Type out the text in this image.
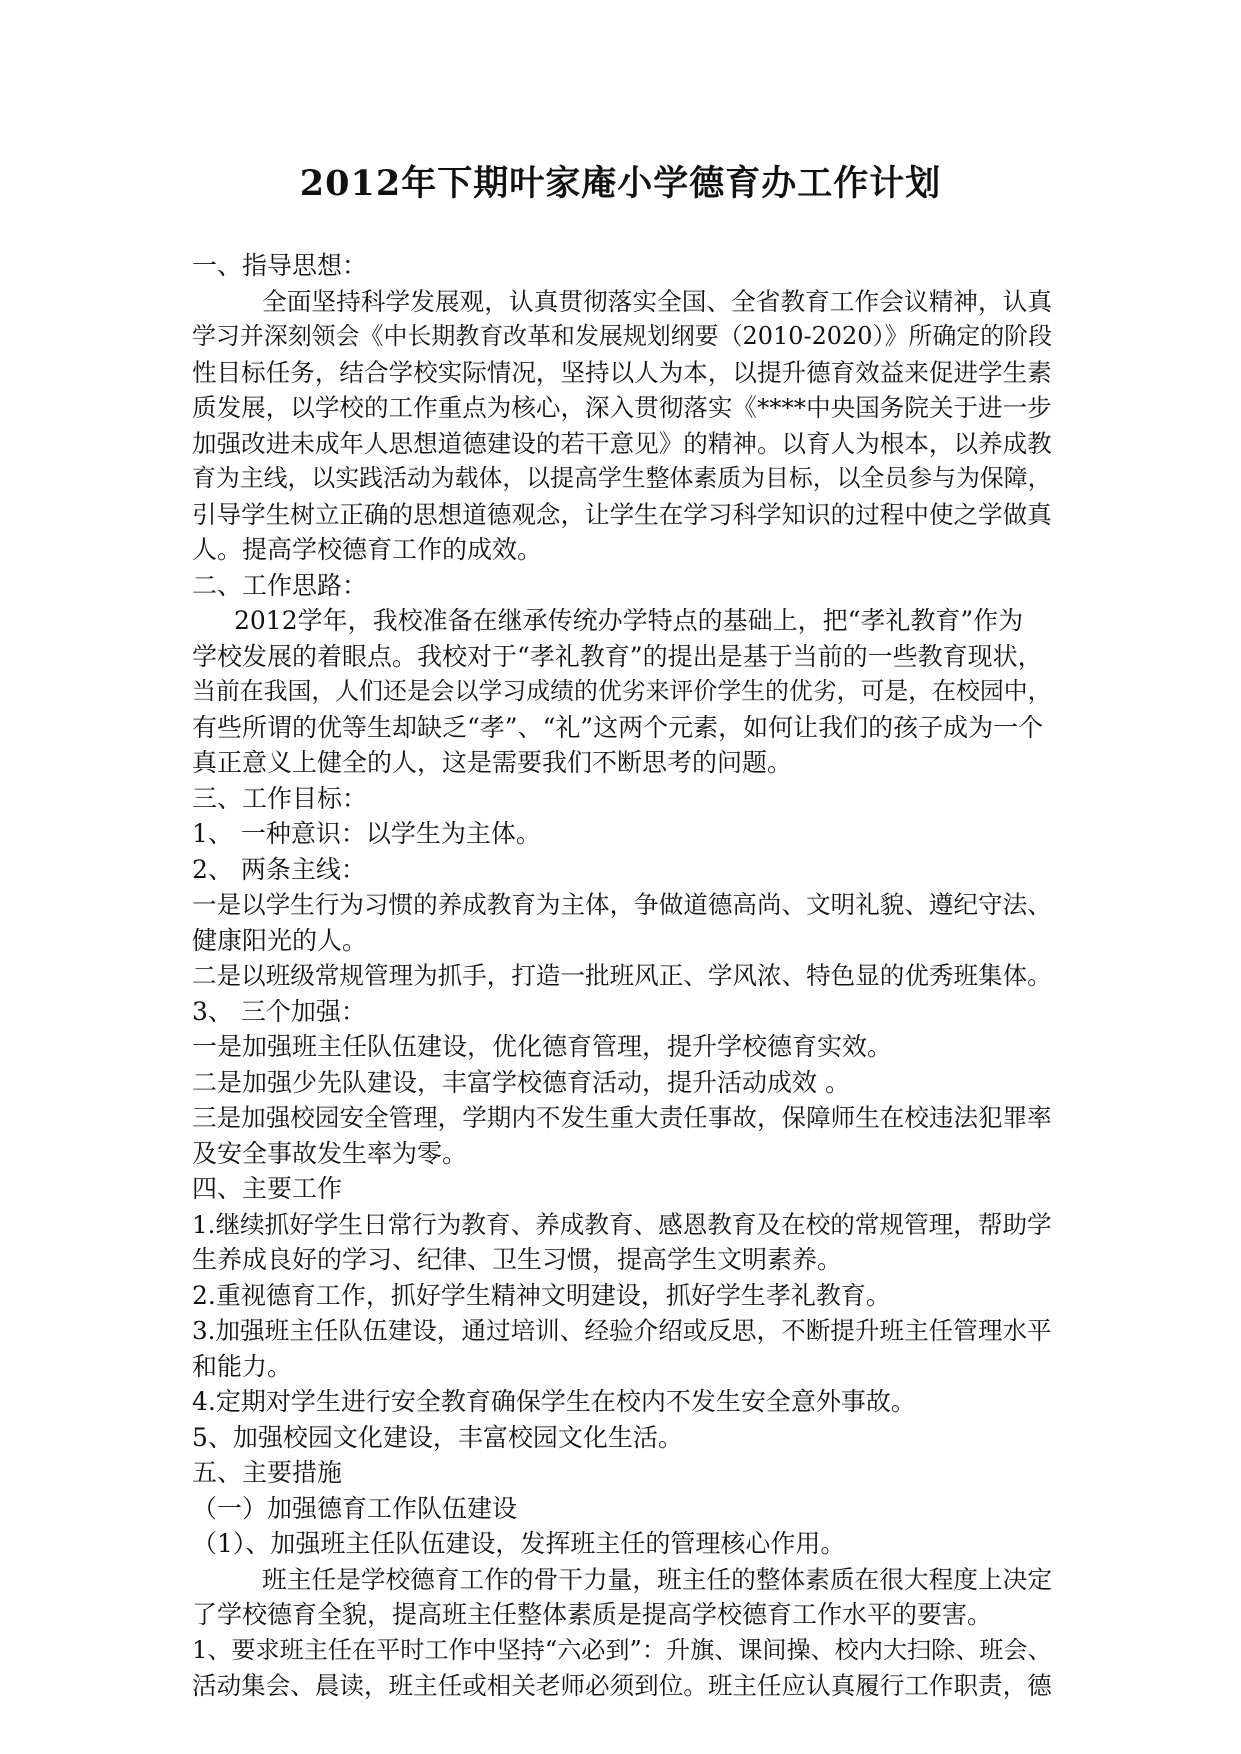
2012年下期叶家庵小学德育办工作计划
一、指导思想：
全面坚持科学发展观，认真贯彻落实全国、全省教育工作会议精神，认真
学习并深刻领会《中长期教育改革和发展规划纲要（2010-2020）》所确定的阶段
性目标任务，结合学校实际情况，坚持以人为本，以提升德育效益来促进学生素
质发展，以学校的工作重点为核心，深入贯彻落实《****中央国务院关于进一步
加强改进未成年人思想道德建设的若干意见》的精神。以育人为根本，以养成教
育为主线，以实践活动为载体，以提高学生整体素质为目标，以全员参与为保障，
引导学生树立正确的思想道德观念，让学生在学习科学知识的过程中使之学做真
人。提高学校德育工作的成效。
二、工作思路：
2012学年，我校准备在继承传统办学特点的基础上，把“孝礼教育”作为
学校发展的着眼点。我校对于“孝礼教育”的提出是基于当前的一些教育现状，
当前在我国，人们还是会以学习成绩的优劣来评价学生的优劣，可是，在校园中，
有些所谓的优等生却缺乏“孝”、“礼”这两个元素，如何让我们的孩子成为一个
真正意义上健全的人，这是需要我们不断思考的问题。
三、工作目标：
1、 一种意识：以学生为主体。
2、 两条主线：
一是以学生行为习惯的养成教育为主体，争做道德高尚、文明礼貌、遵纪守法、
健康阳光的人。
二是以班级常规管理为抓手，打造一批班风正、学风浓、特色显的优秀班集体。
3、 三个加强：
一是加强班主任队伍建设，优化德育管理，提升学校德育实效。
二是加强少先队建设，丰富学校德育活动，提升活动成效 。
三是加强校园安全管理，学期内不发生重大责任事故，保障师生在校违法犯罪率
及安全事故发生率为零。
四、主要工作
1.继续抓好学生日常行为教育、养成教育、感恩教育及在校的常规管理，帮助学
生养成良好的学习、纪律、卫生习惯，提高学生文明素养。
2.重视德育工作，抓好学生精神文明建设，抓好学生孝礼教育。
3.加强班主任队伍建设，通过培训、经验介绍或反思，不断提升班主任管理水平
和能力。
4.定期对学生进行安全教育确保学生在校内不发生安全意外事故。
5、加强校园文化建设，丰富校园文化生活。
五、主要措施
（一）加强德育工作队伍建设
（1）、加强班主任队伍建设，发挥班主任的管理核心作用。
班主任是学校德育工作的骨干力量，班主任的整体素质在很大程度上决定
了学校德育全貌，提高班主任整体素质是提高学校德育工作水平的要害。
1、要求班主任在平时工作中坚持“六必到”：升旗、课间操、校内大扫除、班会、
活动集会、晨读，班主任或相关老师必须到位。班主任应认真履行工作职责，德
